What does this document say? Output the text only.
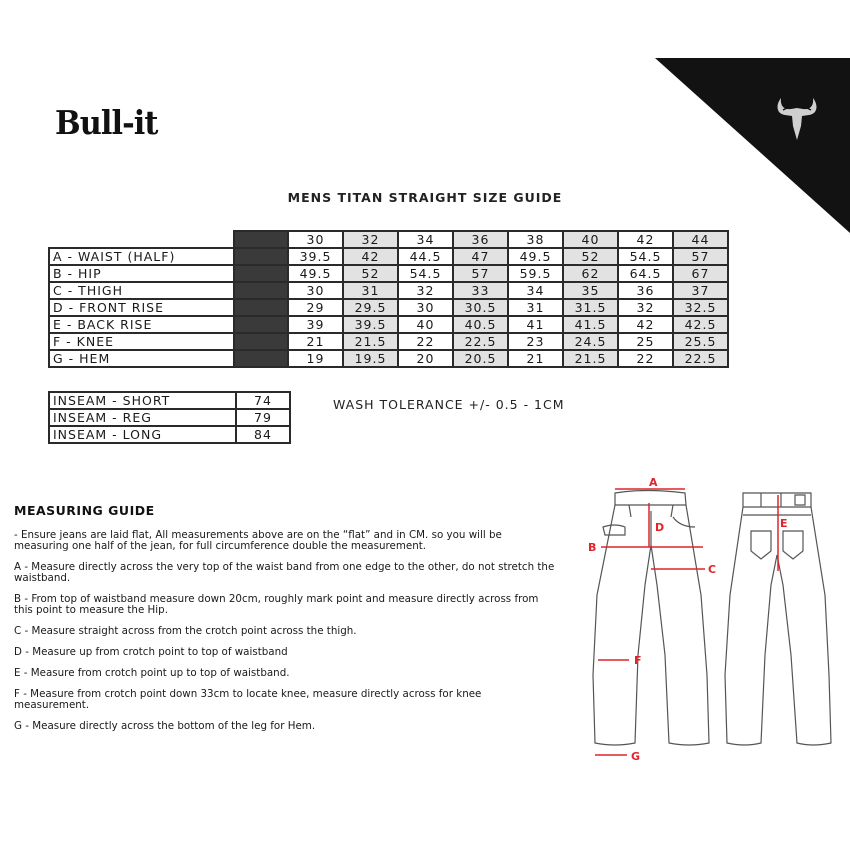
Bull-it
MENS TITAN STRAIGHT SIZE GUIDE
		30	32	34	36	38	40	42	44
A - WAIST (HALF)		39.5	42	44.5	47	49.5	52	54.5	57
B - HIP		49.5	52	54.5	57	59.5	62	64.5	67
C - THIGH		30	31	32	33	34	35	36	37
D - FRONT RISE		29	29.5	30	30.5	31	31.5	32	32.5
E - BACK RISE		39	39.5	40	40.5	41	41.5	42	42.5
F - KNEE		21	21.5	22	22.5	23	24.5	25	25.5
G - HEM		19	19.5	20	20.5	21	21.5	22	22.5
INSEAM - SHORT	74
INSEAM - REG	79
INSEAM - LONG	84
WASH TOLERANCE +/- 0.5 - 1CM
MEASURING GUIDE

- Ensure jeans are laid flat, All measurements above are on the “flat” and in CM. so you will be measuring one half of the jean, for full circumference double the measurement.

A - Measure directly across the very top of the waist band from one edge to the other, do not stretch the waistband.

B - From top of waistband measure down 20cm, roughly mark point and measure directly across from this point to measure the Hip.

C - Measure straight across from the crotch point across the thigh.

D - Measure up from crotch point to top of waistband

E - Measure from crotch point up to top of waistband.

F - Measure from crotch point down 33cm to locate knee, measure directly across for knee measurement.

G - Measure directly across the bottom of the leg for Hem.

A
B
C
D	E
F
G
